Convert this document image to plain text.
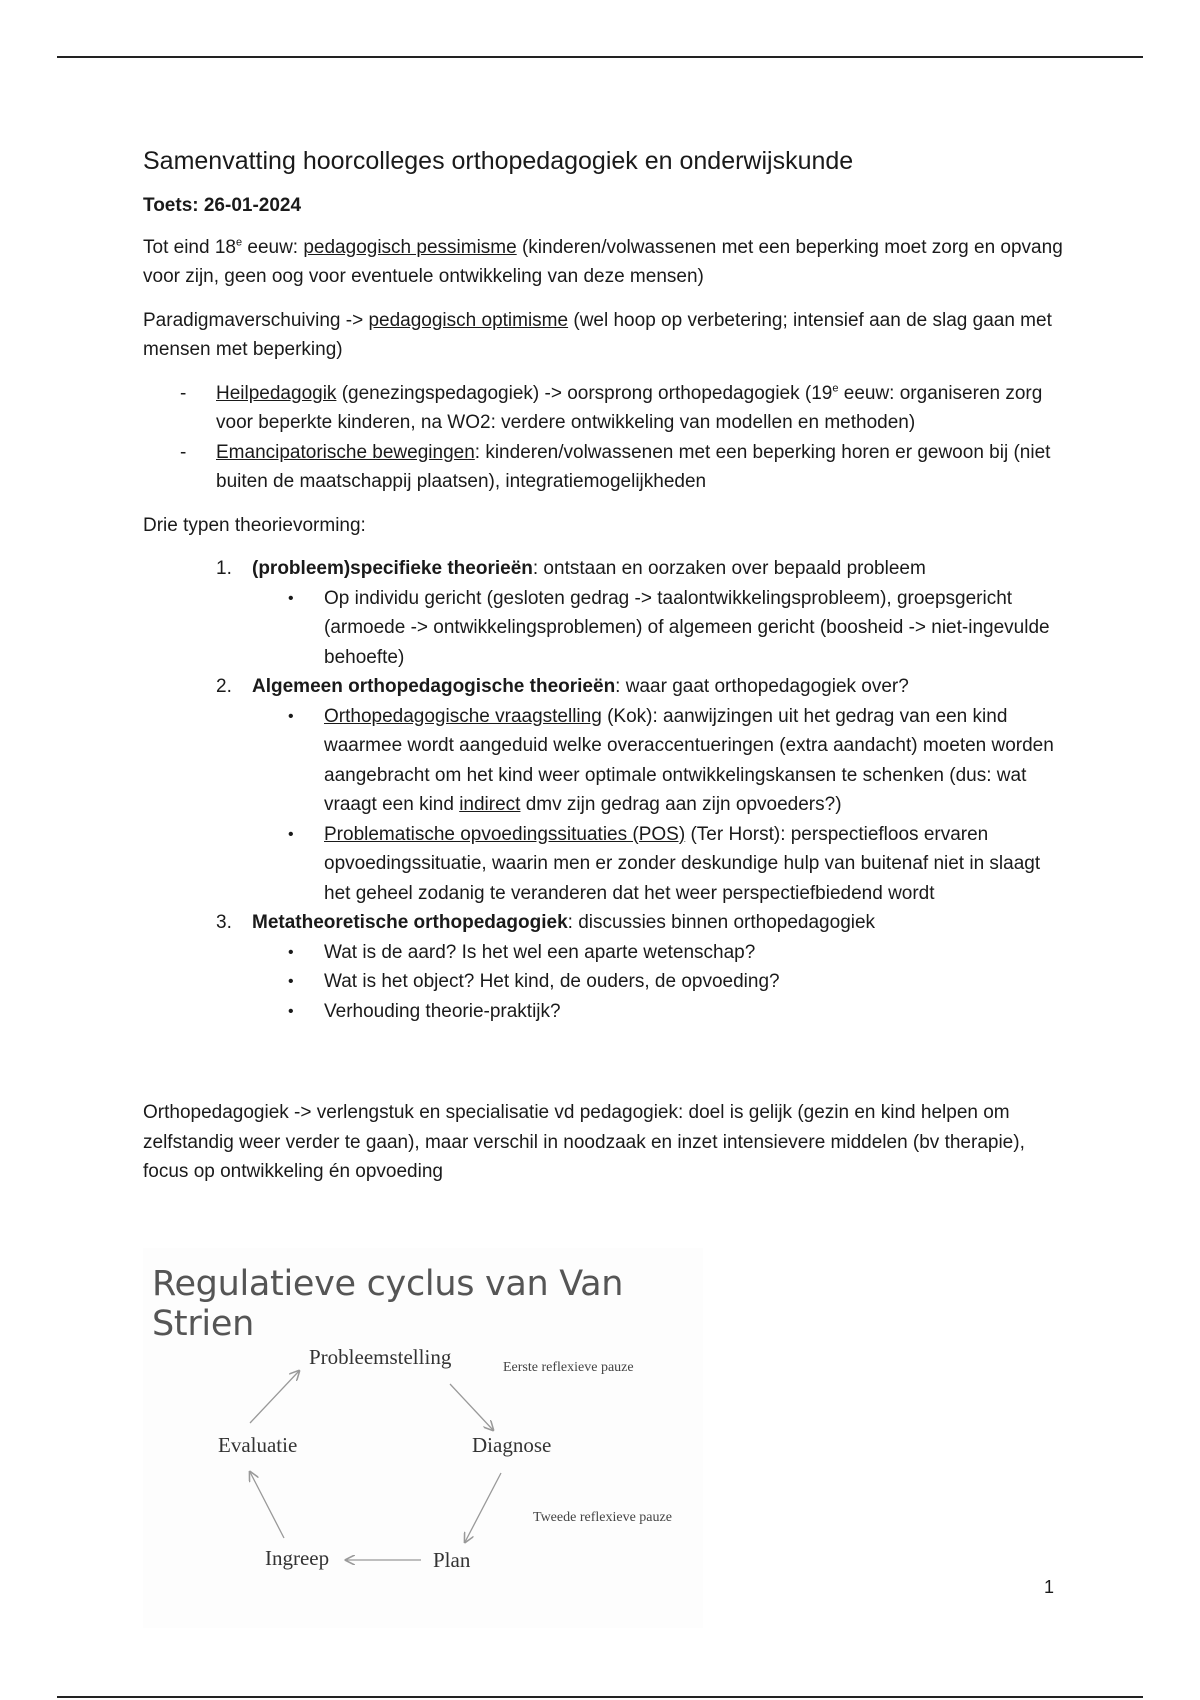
Samenvatting hoorcolleges orthopedagogiek en onderwijskunde
Toets: 26-01-2024

Tot eind 18e eeuw: pedagogisch pessimisme (kinderen/volwassenen met een beperking moet zorg en opvang voor zijn, geen oog voor eventuele ontwikkeling van deze mensen)

Paradigmaverschuiving -> pedagogisch optimisme (wel hoop op verbetering; intensief aan de slag gaan met mensen met beperking)

- Heilpedagogik (genezingspedagogiek) -> oorsprong orthopedagogiek (19e eeuw: organiseren zorg voor beperkte kinderen, na WO2: verdere ontwikkeling van modellen en methoden)
- Emancipatorische bewegingen: kinderen/volwassenen met een beperking horen er gewoon bij (niet buiten de maatschappij plaatsen), integratiemogelijkheden

Drie typen theorievorming:

1. (probleem)specifieke theorieën: ontstaan en oorzaken over bepaald probleem
• Op individu gericht (gesloten gedrag -> taalontwikkelingsprobleem), groepsgericht (armoede -> ontwikkelingsproblemen) of algemeen gericht (boosheid -> niet-ingevulde behoefte)
2. Algemeen orthopedagogische theorieën: waar gaat orthopedagogiek over?
• Orthopedagogische vraagstelling (Kok): aanwijzingen uit het gedrag van een kind waarmee wordt aangeduid welke overaccentueringen (extra aandacht) moeten worden aangebracht om het kind weer optimale ontwikkelingskansen te schenken (dus: wat vraagt een kind indirect dmv zijn gedrag aan zijn opvoeders?)
• Problematische opvoedingssituaties (POS) (Ter Horst): perspectiefloos ervaren opvoedingssituatie, waarin men er zonder deskundige hulp van buitenaf niet in slaagt het geheel zodanig te veranderen dat het weer perspectiefbiedend wordt
3. Metatheoretische orthopedagogiek: discussies binnen orthopedagogiek
• Wat is de aard? Is het wel een aparte wetenschap?
• Wat is het object? Het kind, de ouders, de opvoeding?
• Verhouding theorie-praktijk?

Orthopedagogiek -> verlengstuk en specialisatie vd pedagogiek: doel is gelijk (gezin en kind helpen om zelfstandig weer verder te gaan), maar verschil in noodzaak en inzet intensievere middelen (bv therapie), focus op ontwikkeling én opvoeding

Regulatieve cyclus van Van Strien
Probleemstelling	Eerste reflexieve pauze
Evaluatie	Diagnose
Tweede reflexieve pauze
Ingreep	Plan
1
